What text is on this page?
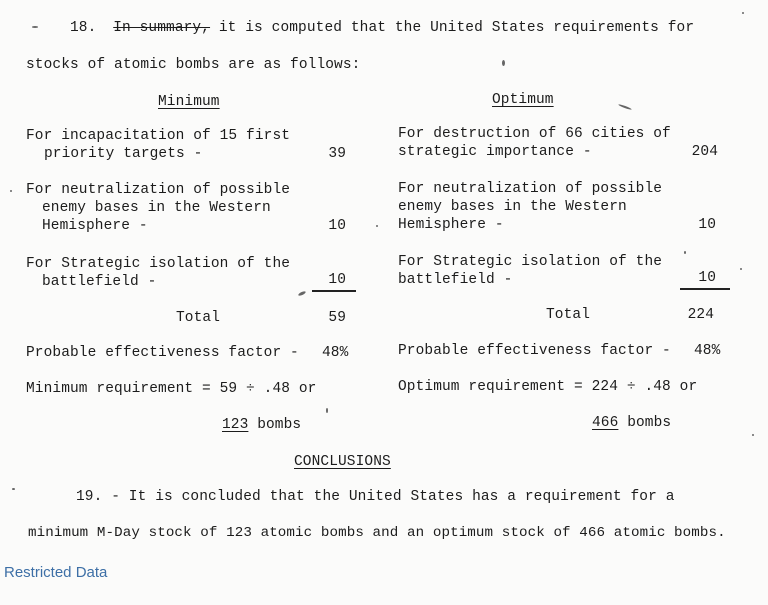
18. In summary, it is computed that the United States requirements for
stocks of atomic bombs are as follows:
Minimum	Optimum
For incapacitation of 15 first
priority targets -	39
For neutralization of possible
enemy bases in the Western
Hemisphere -	10
For Strategic isolation of the
battlefield -	10
Total	59
Probable effectiveness factor - 48%
Minimum requirement = 59 ÷ .48 or
123 bombs
For destruction of 66 cities of
strategic importance -	204
For neutralization of possible
enemy bases in the Western
Hemisphere -	10
For Strategic isolation of the
battlefield -	10
Total	224
Probable effectiveness factor - 48%
Optimum requirement = 224 ÷ .48 or
466 bombs
CONCLUSIONS
19. - It is concluded that the United States has a requirement for a
minimum M-Day stock of 123 atomic bombs and an optimum stock of 466 atomic bombs.
Restricted Data
